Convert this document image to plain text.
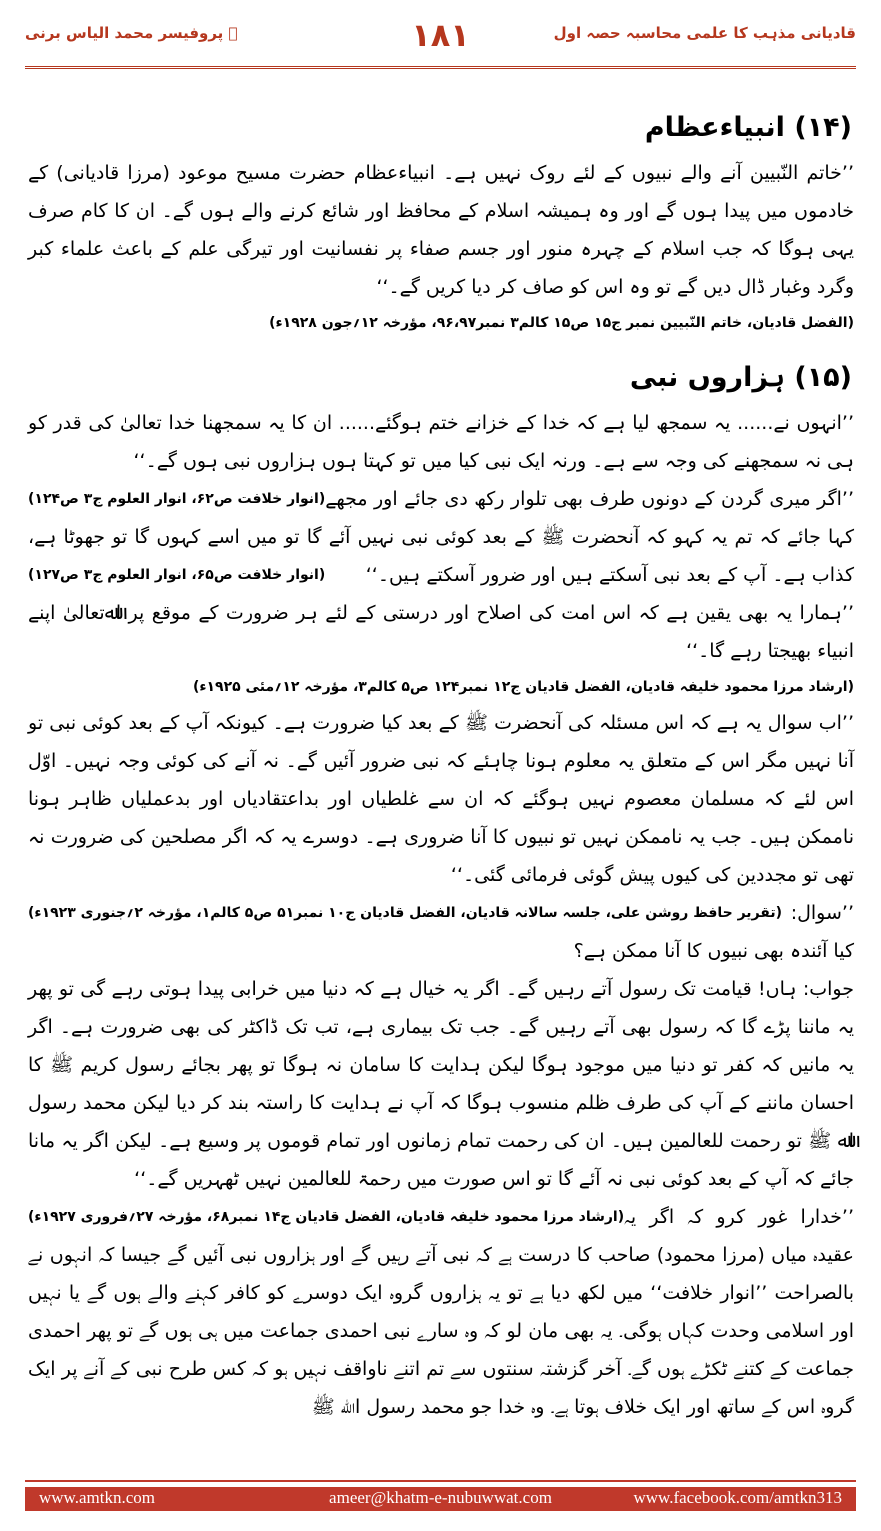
پروفیسر محمد الیاس برنی ﷫	۱۸۱	قادیانی مذہب کا علمی محاسبہ حصہ اول
(۱۴) انبیاءعظام

’’خاتم النّبیین آنے والے نبیوں کے لئے روک نہیں ہے۔ انبیاءعظام حضرت مسیح موعود (مرزا قادیانی) کے خادموں میں پیدا ہوں گے اور وہ ہمیشہ اسلام کے محافظ اور شائع کرنے والے ہوں گے۔ ان کا کام صرف یہی ہوگا کہ جب اسلام کے چہرہ منور اور جسم صفاء پر نفسانیت اور تیرگی علم کے باعث علماء کبر وگرد وغبار ڈال دیں گے تو وہ اس کو صاف کر دیا کریں گے۔‘‘

(الفضل قادیان، خاتم النّبیین نمبر ج۱۵ ص۱۵ کالم۳ نمبر۹۶،۹۷، مؤرخہ ۱۲؍جون ۱۹۲۸ء)

(۱۵) ہزاروں نبی

’’انہوں نے...... یہ سمجھ لیا ہے کہ خدا کے خزانے ختم ہوگئے...... ان کا یہ سمجھنا خدا تعالیٰ کی قدر کو ہی نہ سمجھنے کی وجہ سے ہے۔ ورنہ ایک نبی کیا میں تو کہتا ہوں ہزاروں نبی ہوں گے۔‘‘
(انوار خلافت ص۶۲، انوار العلوم ج۳ ص۱۲۴) ’’اگر میری گردن کے دونوں طرف بھی تلوار رکھ دی جائے اور مجھے کہا جائے کہ تم یہ کہو کہ آنحضرت ﷺ کے بعد کوئی نبی نہیں آئے گا تو میں اسے کہوں گا تو جھوٹا ہے، کذاب ہے۔ آپ کے بعد نبی آسکتے ہیں اور ضرور آسکتے ہیں۔‘‘
(انوار خلافت ص۶۵، انوار العلوم ج۳ ص۱۲۷)

’’ہمارا یہ بھی یقین ہے کہ اس امت کی اصلاح اور درستی کے لئے ہر ضرورت کے موقع پر اﷲتعالیٰ اپنے انبیاء بھیجتا رہے گا۔‘‘

(ارشاد مرزا محمود خلیفہ قادیان، الفضل قادیان ج۱۲ نمبر۱۲۴ ص۵ کالم۳، مؤرخہ ۱۲؍مئی ۱۹۲۵ء)

’’اب سوال یہ ہے کہ اس مسئلہ کی آنحضرت ﷺ کے بعد کیا ضرورت ہے۔ کیونکہ آپ کے بعد کوئی نبی تو آنا نہیں مگر اس کے متعلق یہ معلوم ہونا چاہئے کہ نبی ضرور آئیں گے۔ نہ آنے کی کوئی وجہ نہیں۔ اوّل اس لئے کہ مسلمان معصوم نہیں ہوگئے کہ ان سے غلطیاں اور بداعتقادیاں اور بدعملیاں ظاہر ہونا ناممکن ہیں۔ جب یہ ناممکن نہیں تو نبیوں کا آنا ضروری ہے۔ دوسرے یہ کہ اگر مصلحین کی ضرورت نہ تھی تو مجددین کی کیوں پیش گوئی فرمائی گئی۔‘‘
(تقریر حافظ روشن علی، جلسہ سالانہ قادیان، الفضل قادیان ج۱۰ نمبر۵۱ ص۵ کالم۱، مؤرخہ ۲؍جنوری ۱۹۲۳ء) ’’سوال: کیا آئندہ بھی نبیوں کا آنا ممکن ہے؟

جواب: ہاں! قیامت تک رسول آتے رہیں گے۔ اگر یہ خیال ہے کہ دنیا میں خرابی پیدا ہوتی رہے گی تو پھر یہ ماننا پڑے گا کہ رسول بھی آتے رہیں گے۔ جب تک بیماری ہے، تب تک ڈاکٹر کی بھی ضرورت ہے۔ اگر یہ مانیں کہ کفر تو دنیا میں موجود ہوگا لیکن ہدایت کا سامان نہ ہوگا تو پھر بجائے رسول کریم ﷺ کا احسان ماننے کے آپ کی طرف ظلم منسوب ہوگا کہ آپ نے ہدایت کا راستہ بند کر دیا لیکن محمد رسول اﷲ ﷺ تو رحمت للعالمین ہیں۔ ان کی رحمت تمام زمانوں اور تمام قوموں پر وسیع ہے۔ لیکن اگر یہ مانا جائے کہ آپ کے بعد کوئی نبی نہ آئے گا تو اس صورت میں رحمۃ للعالمین نہیں ٹھہریں گے۔‘‘
(ارشاد مرزا محمود خلیفہ قادیان، الفضل قادیان ج۱۴ نمبر۶۸، مؤرخہ ۲۷؍فروری ۱۹۲۷ء) ’’خدارا غور کرو کہ اگر یہ عقیدہ میاں (مرزا محمود) صاحب کا درست ہے کہ نبی آتے رہیں گے اور ہزاروں نبی آئیں گے جیسا کہ انہوں نے بالصراحت ’’انوار خلافت‘‘ میں لکھ دیا ہے تو یہ ہزاروں گروہ ایک دوسرے کو کافر کہنے والے ہوں گے یا نہیں اور اسلامی وحدت کہاں ہوگی۔ یہ بھی مان لو کہ وہ سارے نبی احمدی جماعت میں ہی ہوں گے تو پھر احمدی جماعت کے کتنے ٹکڑے ہوں گے۔ آخر گزشتہ سنتوں سے تم اتنے ناواقف نہیں ہو کہ کس طرح نبی کے آنے پر ایک گروہ اس کے ساتھ اور ایک خلاف ہوتا ہے۔ وہ خدا جو محمد رسول اﷲ ﷺ

www.amtkn.com	ameer@khatm-e-nubuwwat.com	www.facebook.com/amtkn313
